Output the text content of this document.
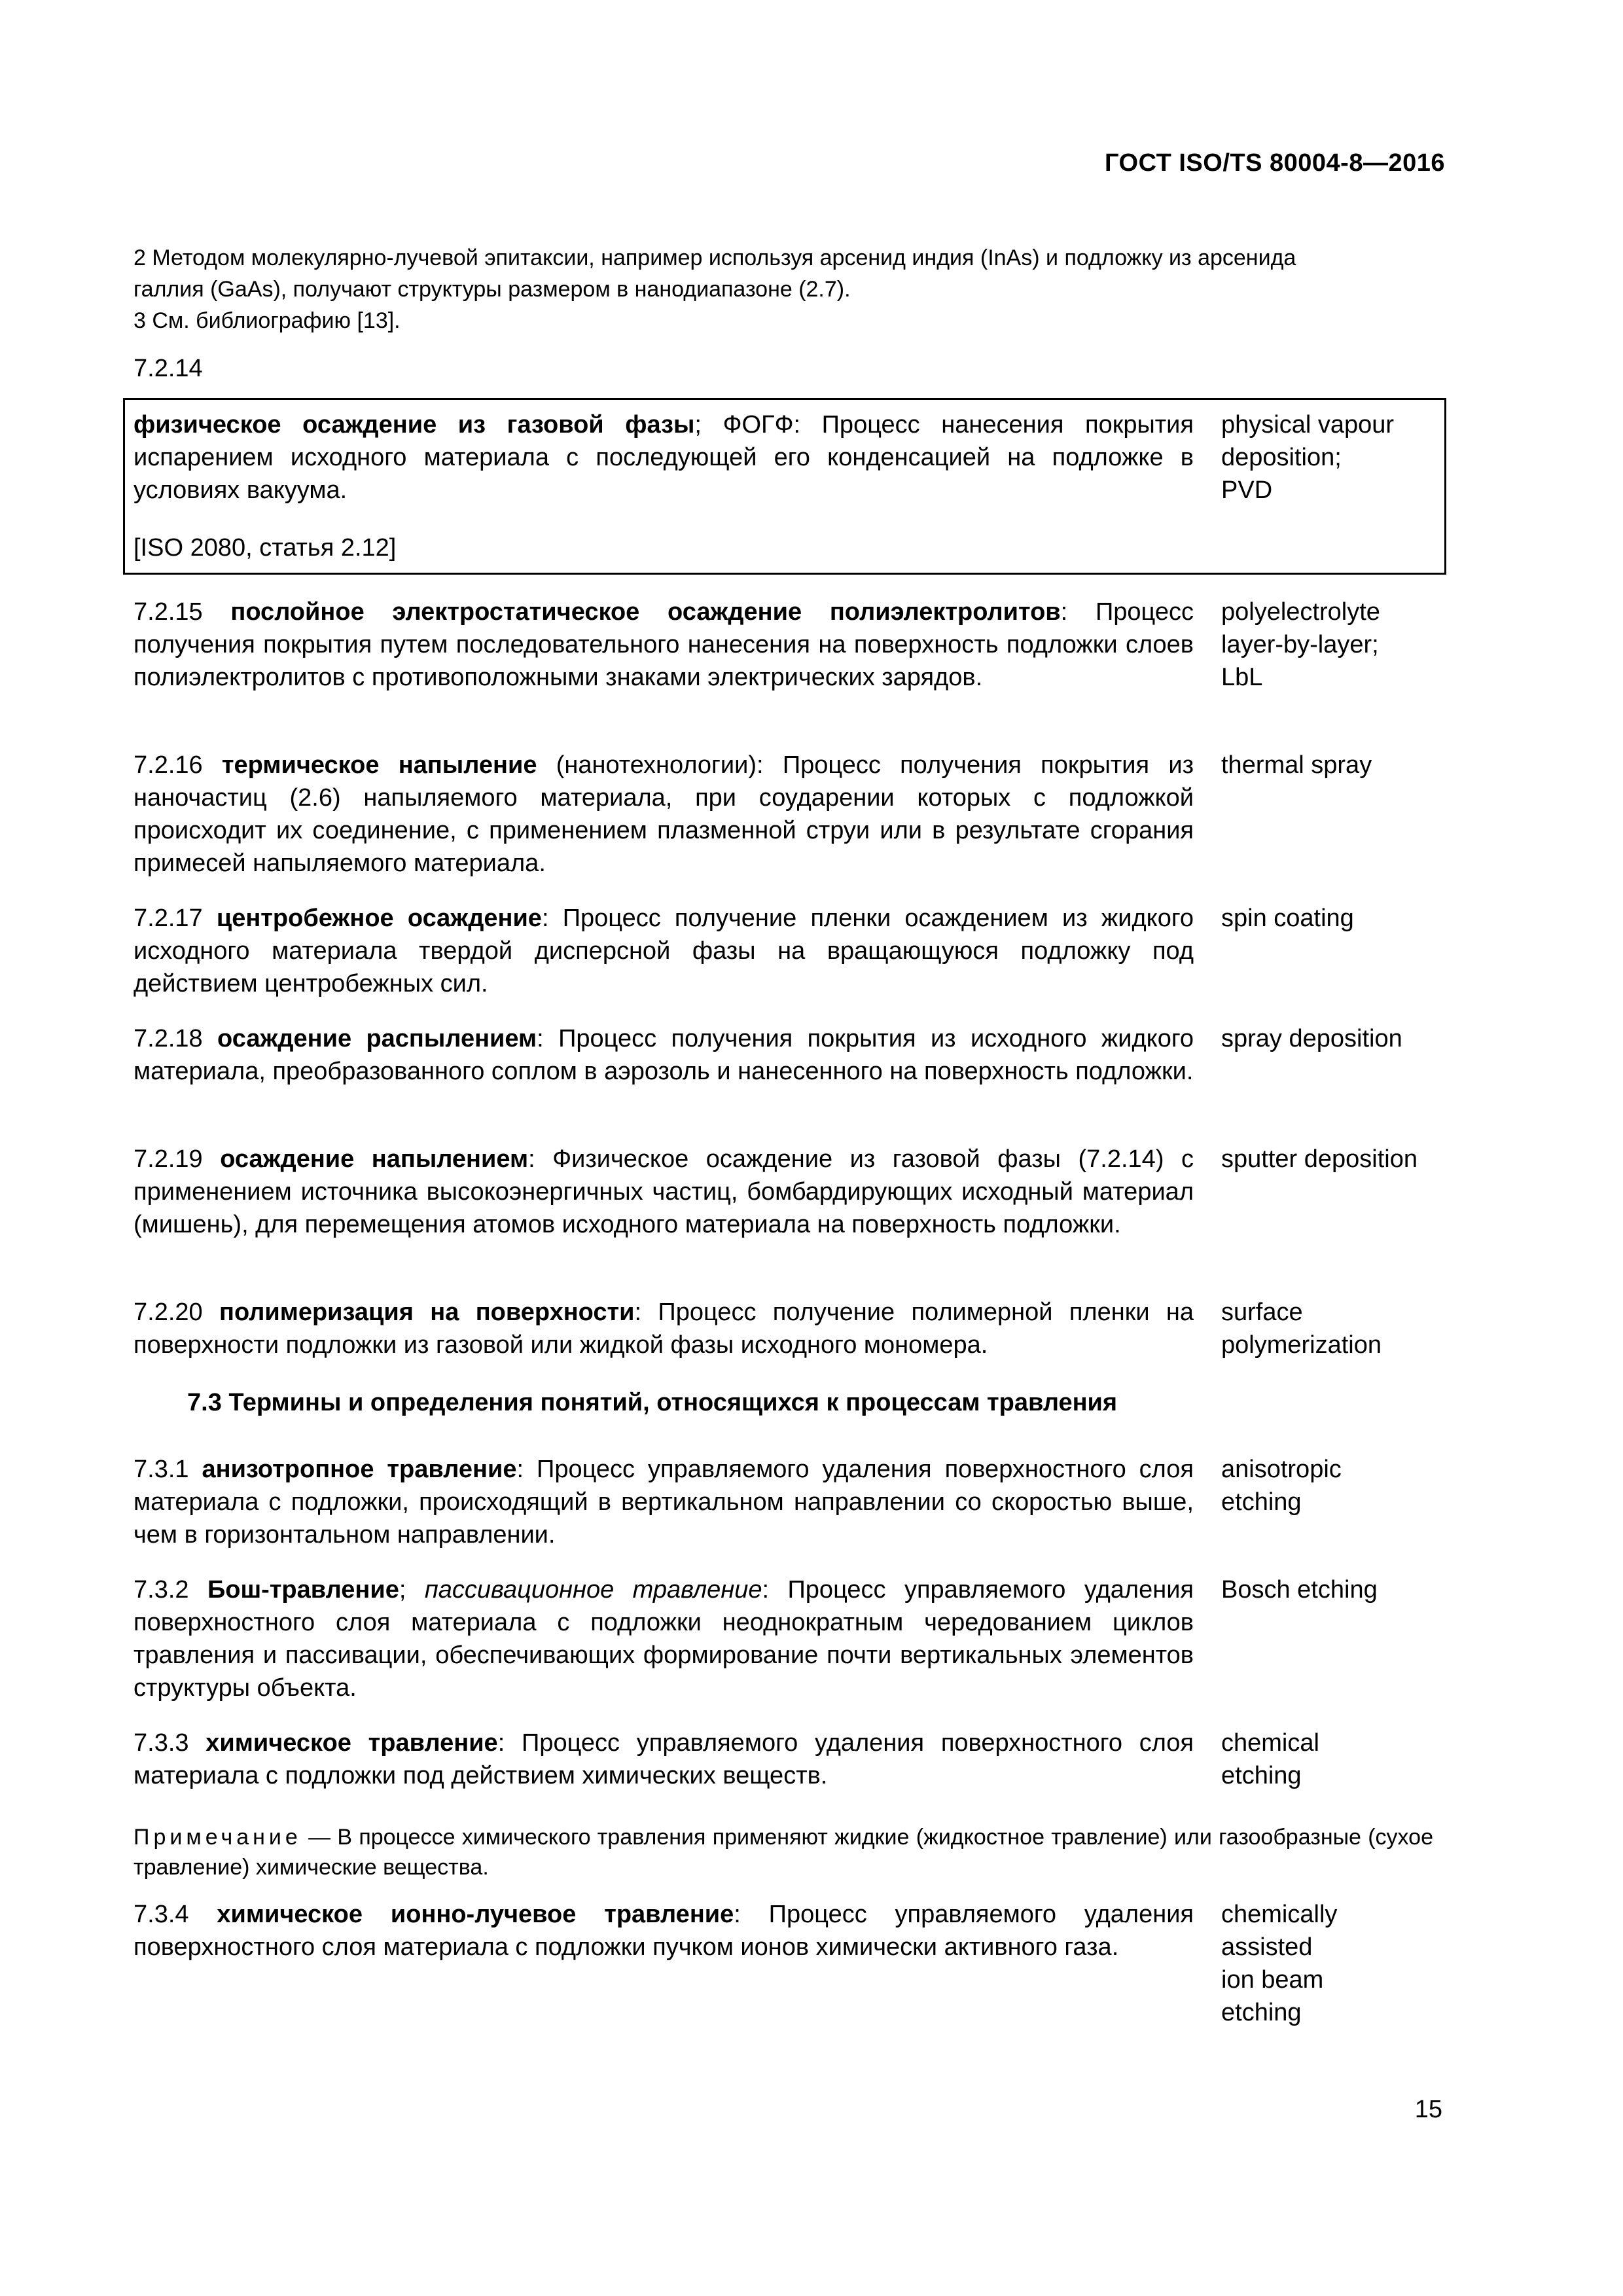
ГОСТ ISO/TS 80004-8—2016
2 Методом молекулярно-лучевой эпитаксии, например используя арсенид индия (InAs) и подложку из арсенида
галлия (GaAs), получают структуры размером в нанодиапазоне (2.7).
3 См. библиографию [13].
7.2.14
физическое осаждение из газовой фазы; ФОГФ: Процесс нанесения покрытия испарением исходного материала с последующей его конденсацией на подложке в условиях вакуума.
physical vapour
deposition;
PVD
[ISO 2080, статья 2.12]
7.2.15 послойное электростатическое осаждение полиэлектролитов: Процесс получения покрытия путем последовательного нанесения на поверхность подложки слоев полиэлектролитов с противоположными знаками электрических зарядов.
polyelectrolyte
layer-by-layer;
LbL
7.2.16 термическое напыление (нанотехнологии): Процесс получения покрытия из наночастиц (2.6) напыляемого материала, при соударении которых с подложкой происходит их соединение, с применением плазменной струи или в результате сгорания примесей напыляемого материала.
thermal spray
7.2.17 центробежное осаждение: Процесс получение пленки осаждением из жидкого исходного материала твердой дисперсной фазы на вращающуюся подложку под действием центробежных сил.
spin coating
7.2.18 осаждение распылением: Процесс получения покрытия из исходного жидкого материала, преобразованного соплом в аэрозоль и нанесенного на поверхность подложки.
spray deposition
7.2.19 осаждение напылением: Физическое осаждение из газовой фазы (7.2.14) с применением источника высокоэнергичных частиц, бомбардирующих исходный материал (мишень), для перемещения атомов исходного материала на поверхность подложки.
sputter deposition
7.2.20 полимеризация на поверхности: Процесс получение полимерной пленки на поверхности подложки из газовой или жидкой фазы исходного мономера.
surface
polymerization
7.3 Термины и определения понятий, относящихся к процессам травления
7.3.1 анизотропное травление: Процесс управляемого удаления поверхностного слоя материала с подложки, происходящий в вертикальном направлении со скоростью выше, чем в горизонтальном направлении.
anisotropic
etching
7.3.2 Бош-травление; пассивационное травление: Процесс управляемого удаления поверхностного слоя материала с подложки неоднократным чередованием циклов травления и пассивации, обеспечивающих формирование почти вертикальных элементов структуры объекта.
Bosch etching
7.3.3 химическое травление: Процесс управляемого удаления поверхностного слоя материала с подложки под действием химических веществ.
chemical
etching
Примечание — В процессе химического травления применяют жидкие (жидкостное травление) или газообразные (сухое травление) химические вещества.
7.3.4 химическое ионно-лучевое травление: Процесс управляемого удаления поверхностного слоя материала с подложки пучком ионов химически активного газа.
chemically
assisted
ion beam
etching
15
